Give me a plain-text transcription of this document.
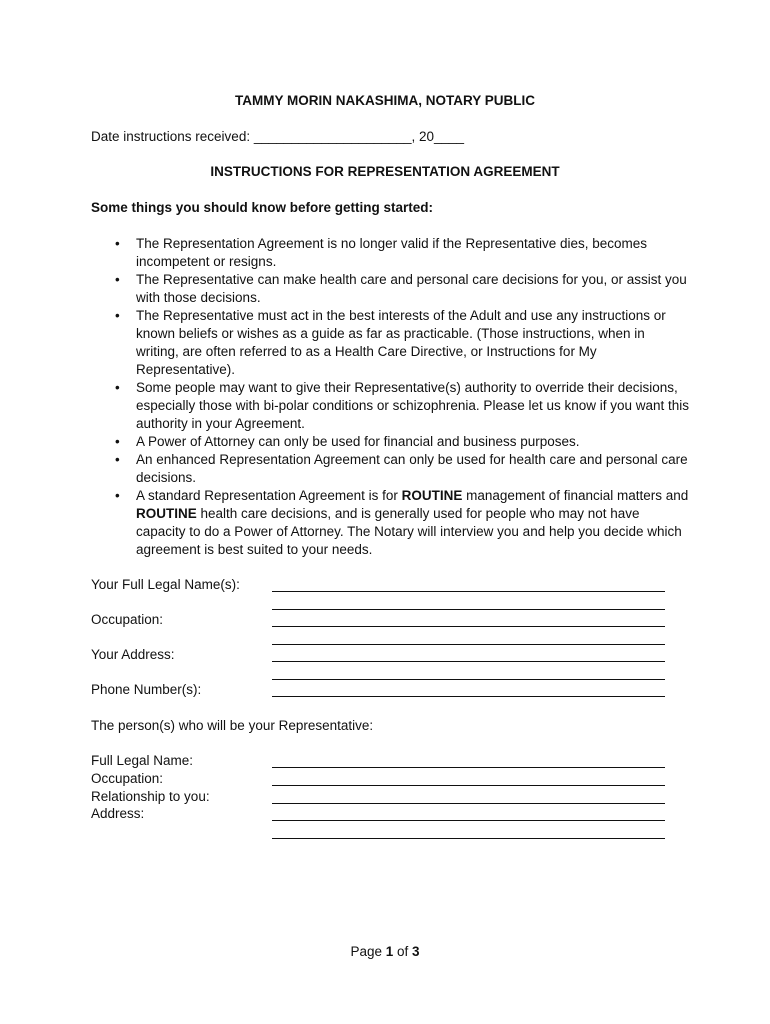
TAMMY MORIN NAKASHIMA, NOTARY PUBLIC
Date instructions received: _____________________, 20____
INSTRUCTIONS FOR REPRESENTATION AGREEMENT
Some things you should know before getting started:
• The Representation Agreement is no longer valid if the Representative dies, becomes incompetent or resigns.
• The Representative can make health care and personal care decisions for you, or assist you with those decisions.
• The Representative must act in the best interests of the Adult and use any instructions or known beliefs or wishes as a guide as far as practicable. (Those instructions, when in writing, are often referred to as a Health Care Directive, or Instructions for My Representative).
• Some people may want to give their Representative(s) authority to override their decisions, especially those with bi-polar conditions or schizophrenia. Please let us know if you want this authority in your Agreement.
• A Power of Attorney can only be used for financial and business purposes.
• An enhanced Representation Agreement can only be used for health care and personal care decisions.
• A standard Representation Agreement is for ROUTINE management of financial matters and ROUTINE health care decisions, and is generally used for people who may not have capacity to do a Power of Attorney. The Notary will interview you and help you decide which agreement is best suited to your needs.
Your Full Legal Name(s):
Occupation:
Your Address:
Phone Number(s):
The person(s) who will be your Representative:
Full Legal Name:
Occupation:
Relationship to you:
Address:
Page 1 of 3
